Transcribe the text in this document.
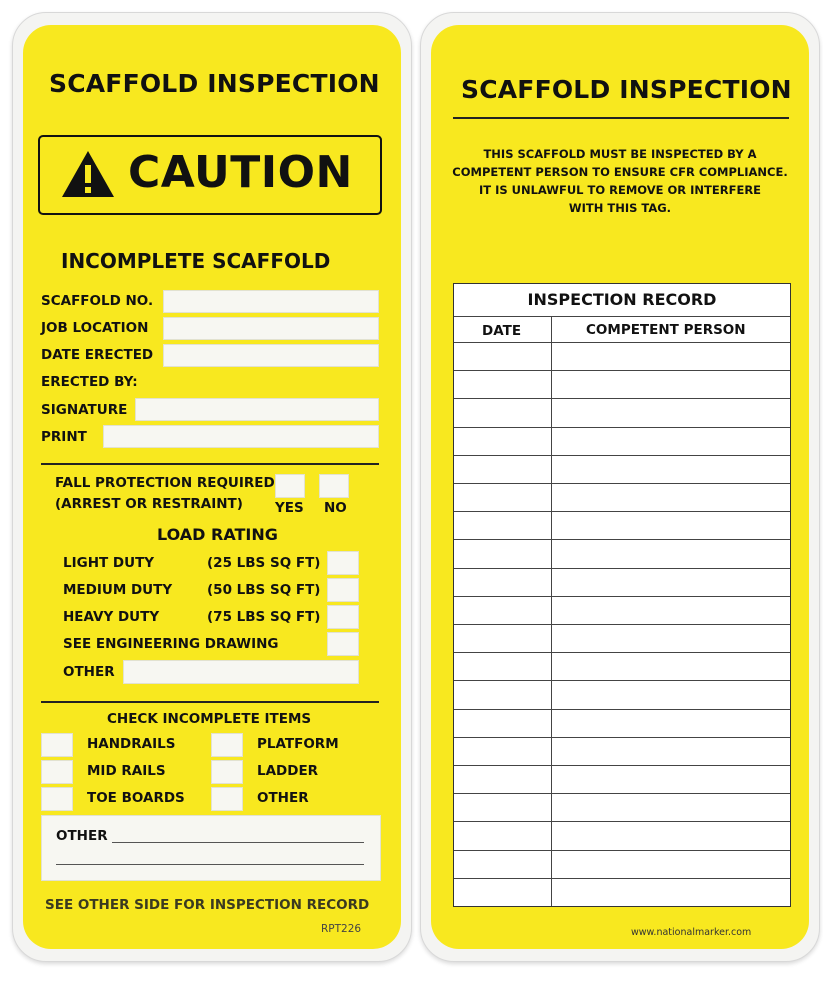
SCAFFOLD INSPECTION
CAUTION
INCOMPLETE SCAFFOLD
SCAFFOLD NO.
JOB LOCATION
DATE ERECTED
ERECTED BY:
SIGNATURE
PRINT
FALL PROTECTION REQUIRED
(ARREST OR RESTRAINT) YES NO
LOAD RATING
LIGHT DUTY	(25 LBS SQ FT)
MEDIUM DUTY	(50 LBS SQ FT)
HEAVY DUTY	(75 LBS SQ FT)
SEE ENGINEERING DRAWING
OTHER
CHECK INCOMPLETE ITEMS
HANDRAILS
MID RAILS
TOE BOARDS
PLATFORM
LADDER
OTHER
OTHER
SEE OTHER SIDE FOR INSPECTION RECORD
RPT226
SCAFFOLD INSPECTION
THIS SCAFFOLD MUST BE INSPECTED BY A
COMPETENT PERSON TO ENSURE CFR COMPLIANCE.
IT IS UNLAWFUL TO REMOVE OR INTERFERE
WITH THIS TAG.
INSPECTION RECORD
DATE	COMPETENT PERSON
www.nationalmarker.com
